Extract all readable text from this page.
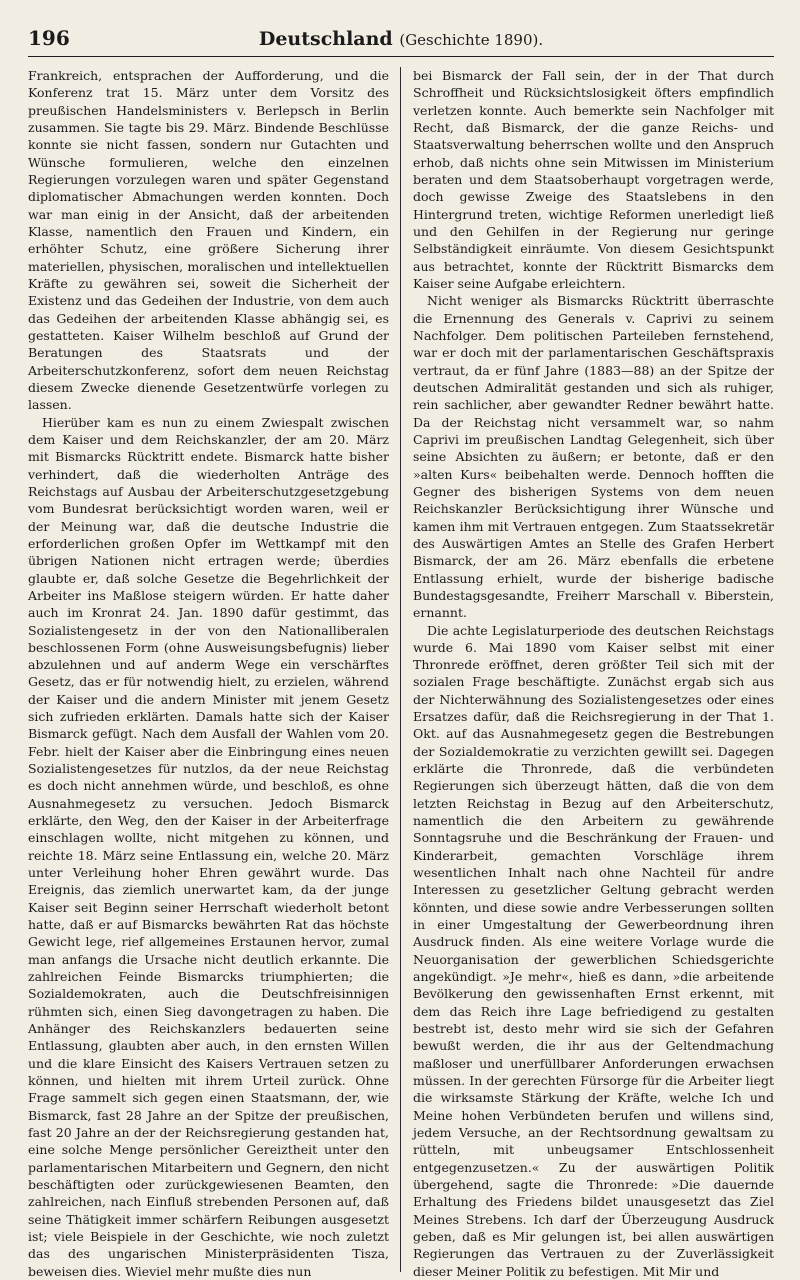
196	Deutschland (Geschichte 1890).

Frankreich, entsprachen der Aufforderung, und die Konferenz trat 15. März unter dem Vorsitz des preußischen Handelsministers v. Berlepsch in Berlin zusammen. Sie tagte bis 29. März. Bindende Beschlüsse konnte sie nicht fassen, sondern nur Gutachten und Wünsche formulieren, welche den einzelnen Regierungen vorzulegen waren und später Gegenstand diplomatischer Abmachungen werden konnten. Doch war man einig in der Ansicht, daß der arbeitenden Klasse, namentlich den Frauen und Kindern, ein erhöhter Schutz, eine größere Sicherung ihrer materiellen, physischen, moralischen und intellektuellen Kräfte zu gewähren sei, soweit die Sicherheit der Existenz und das Gedeihen der Industrie, von dem auch das Gedeihen der arbeitenden Klasse abhängig sei, es gestatteten. Kaiser Wilhelm beschloß auf Grund der Beratungen des Staatsrats und der Arbeiterschutzkonferenz, sofort dem neuen Reichstag diesem Zwecke dienende Gesetzentwürfe vorlegen zu lassen.

Hierüber kam es nun zu einem Zwiespalt zwischen dem Kaiser und dem Reichskanzler, der am 20. März mit Bismarcks Rücktritt endete. Bismarck hatte bisher verhindert, daß die wiederholten Anträge des Reichstags auf Ausbau der Arbeiterschutzgesetzgebung vom Bundesrat berücksichtigt worden waren, weil er der Meinung war, daß die deutsche Industrie die erforderlichen großen Opfer im Wettkampf mit den übrigen Nationen nicht ertragen werde; überdies glaubte er, daß solche Gesetze die Begehrlichkeit der Arbeiter ins Maßlose steigern würden. Er hatte daher auch im Kronrat 24. Jan. 1890 dafür gestimmt, das Sozialistengesetz in der von den Nationalliberalen beschlossenen Form (ohne Ausweisungsbefugnis) lieber abzulehnen und auf anderm Wege ein verschärftes Gesetz, das er für notwendig hielt, zu erzielen, während der Kaiser und die andern Minister mit jenem Gesetz sich zufrieden erklärten. Damals hatte sich der Kaiser Bismarck gefügt. Nach dem Ausfall der Wahlen vom 20. Febr. hielt der Kaiser aber die Einbringung eines neuen Sozialistengesetzes für nutzlos, da der neue Reichstag es doch nicht annehmen würde, und beschloß, es ohne Ausnahmegesetz zu versuchen. Jedoch Bismarck erklärte, den Weg, den der Kaiser in der Arbeiterfrage einschlagen wollte, nicht mitgehen zu können, und reichte 18. März seine Entlassung ein, welche 20. März unter Verleihung hoher Ehren gewährt wurde. Das Ereignis, das ziemlich unerwartet kam, da der junge Kaiser seit Beginn seiner Herrschaft wiederholt betont hatte, daß er auf Bismarcks bewährten Rat das höchste Gewicht lege, rief allgemeines Erstaunen hervor, zumal man anfangs die Ursache nicht deutlich erkannte. Die zahlreichen Feinde Bismarcks triumphierten; die Sozialdemokraten, auch die Deutschfreisinnigen rühmten sich, einen Sieg davongetragen zu haben. Die Anhänger des Reichskanzlers bedauerten seine Entlassung, glaubten aber auch, in den ernsten Willen und die klare Einsicht des Kaisers Vertrauen setzen zu können, und hielten mit ihrem Urteil zurück. Ohne Frage sammelt sich gegen einen Staatsmann, der, wie Bismarck, fast 28 Jahre an der Spitze der preußischen, fast 20 Jahre an der der Reichsregierung gestanden hat, eine solche Menge persönlicher Gereiztheit unter den parlamentarischen Mitarbeitern und Gegnern, den nicht beschäftigten oder zurückgewiesenen Beamten, den zahlreichen, nach Einfluß strebenden Personen auf, daß seine Thätigkeit immer schärfern Reibungen ausgesetzt ist; viele Beispiele in der Geschichte, wie noch zuletzt das des ungarischen Ministerpräsidenten Tisza, beweisen dies. Wieviel mehr mußte dies nun

bei Bismarck der Fall sein, der in der That durch Schroffheit und Rücksichtslosigkeit öfters empfindlich verletzen konnte. Auch bemerkte sein Nachfolger mit Recht, daß Bismarck, der die ganze Reichs- und Staatsverwaltung beherrschen wollte und den Anspruch erhob, daß nichts ohne sein Mitwissen im Ministerium beraten und dem Staatsoberhaupt vorgetragen werde, doch gewisse Zweige des Staatslebens in den Hintergrund treten, wichtige Reformen unerledigt ließ und den Gehilfen in der Regierung nur geringe Selbständigkeit einräumte. Von diesem Gesichtspunkt aus betrachtet, konnte der Rücktritt Bismarcks dem Kaiser seine Aufgabe erleichtern.

Nicht weniger als Bismarcks Rücktritt überraschte die Ernennung des Generals v. Caprivi zu seinem Nachfolger. Dem politischen Parteileben fernstehend, war er doch mit der parlamentarischen Geschäftspraxis vertraut, da er fünf Jahre (1883—88) an der Spitze der deutschen Admiralität gestanden und sich als ruhiger, rein sachlicher, aber gewandter Redner bewährt hatte. Da der Reichstag nicht versammelt war, so nahm Caprivi im preußischen Landtag Gelegenheit, sich über seine Absichten zu äußern; er betonte, daß er den »alten Kurs« beibehalten werde. Dennoch hofften die Gegner des bisherigen Systems von dem neuen Reichskanzler Berücksichtigung ihrer Wünsche und kamen ihm mit Vertrauen entgegen. Zum Staatssekretär des Auswärtigen Amtes an Stelle des Grafen Herbert Bismarck, der am 26. März ebenfalls die erbetene Entlassung erhielt, wurde der bisherige badische Bundestagsgesandte, Freiherr Marschall v. Biberstein, ernannt.

Die achte Legislaturperiode des deutschen Reichstags wurde 6. Mai 1890 vom Kaiser selbst mit einer Thronrede eröffnet, deren größter Teil sich mit der sozialen Frage beschäftigte. Zunächst ergab sich aus der Nichterwähnung des Sozialistengesetzes oder eines Ersatzes dafür, daß die Reichsregierung in der That 1. Okt. auf das Ausnahmegesetz gegen die Bestrebungen der Sozialdemokratie zu verzichten gewillt sei. Dagegen erklärte die Thronrede, daß die verbündeten Regierungen sich überzeugt hätten, daß die von dem letzten Reichstag in Bezug auf den Arbeiterschutz, namentlich die den Arbeitern zu gewährende Sonntagsruhe und die Beschränkung der Frauen- und Kinderarbeit, gemachten Vorschläge ihrem wesentlichen Inhalt nach ohne Nachteil für andre Interessen zu gesetzlicher Geltung gebracht werden könnten, und diese sowie andre Verbesserungen sollten in einer Umgestaltung der Gewerbeordnung ihren Ausdruck finden. Als eine weitere Vorlage wurde die Neuorganisation der gewerblichen Schiedsgerichte angekündigt. »Je mehr«, hieß es dann, »die arbeitende Bevölkerung den gewissenhaften Ernst erkennt, mit dem das Reich ihre Lage befriedigend zu gestalten bestrebt ist, desto mehr wird sie sich der Gefahren bewußt werden, die ihr aus der Geltendmachung maßloser und unerfüllbarer Anforderungen erwachsen müssen. In der gerechten Fürsorge für die Arbeiter liegt die wirksamste Stärkung der Kräfte, welche Ich und Meine hohen Verbündeten berufen und willens sind, jedem Versuche, an der Rechtsordnung gewaltsam zu rütteln, mit unbeugsamer Entschlossenheit entgegenzusetzen.« Zu der auswärtigen Politik übergehend, sagte die Thronrede: »Die dauernde Erhaltung des Friedens bildet unausgesetzt das Ziel Meines Strebens. Ich darf der Überzeugung Ausdruck geben, daß es Mir gelungen ist, bei allen auswärtigen Regierungen das Vertrauen zu der Zuverlässigkeit dieser Meiner Politik zu befestigen. Mit Mir und
